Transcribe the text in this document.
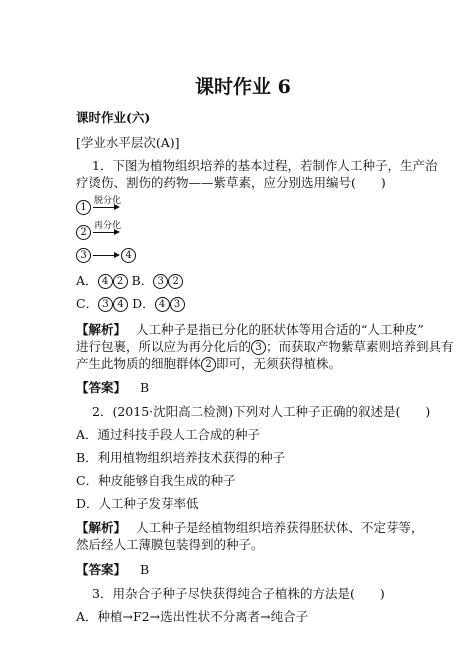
课时作业 6
课时作业(六)
[学业水平层次(A)]
1．下图为植物组织培养的基本过程，若制作人工种子，生产治
疗烫伤、割伤的药物——紫草素，应分别选用编号(　　)
脱分化
1
再分化
2
3	4
A． 4 2 B． 3 2
C． 3 4 D． 4 3
【解析】 人工种子是指已分化的胚状体等用合适的“人工种皮”
进行包裹，所以应为再分化后的 3 ；而获取产物紫草素则培养到具有
产生此物质的细胞群体 2 即可，无须获得植株。
【答案】 B
2．(2015·沈阳高二检测)下列对人工种子正确的叙述是(　　)
A．通过科技手段人工合成的种子
B．利用植物组织培养技术获得的种子
C．种皮能够自我生成的种子
D．人工种子发芽率低
【解析】 人工种子是经植物组织培养获得胚状体、不定芽等，
然后经人工薄膜包装得到的种子。
【答案】 B
3．用杂合子种子尽快获得纯合子植株的方法是(　　)
A．种植→F2→选出性状不分离者→纯合子
